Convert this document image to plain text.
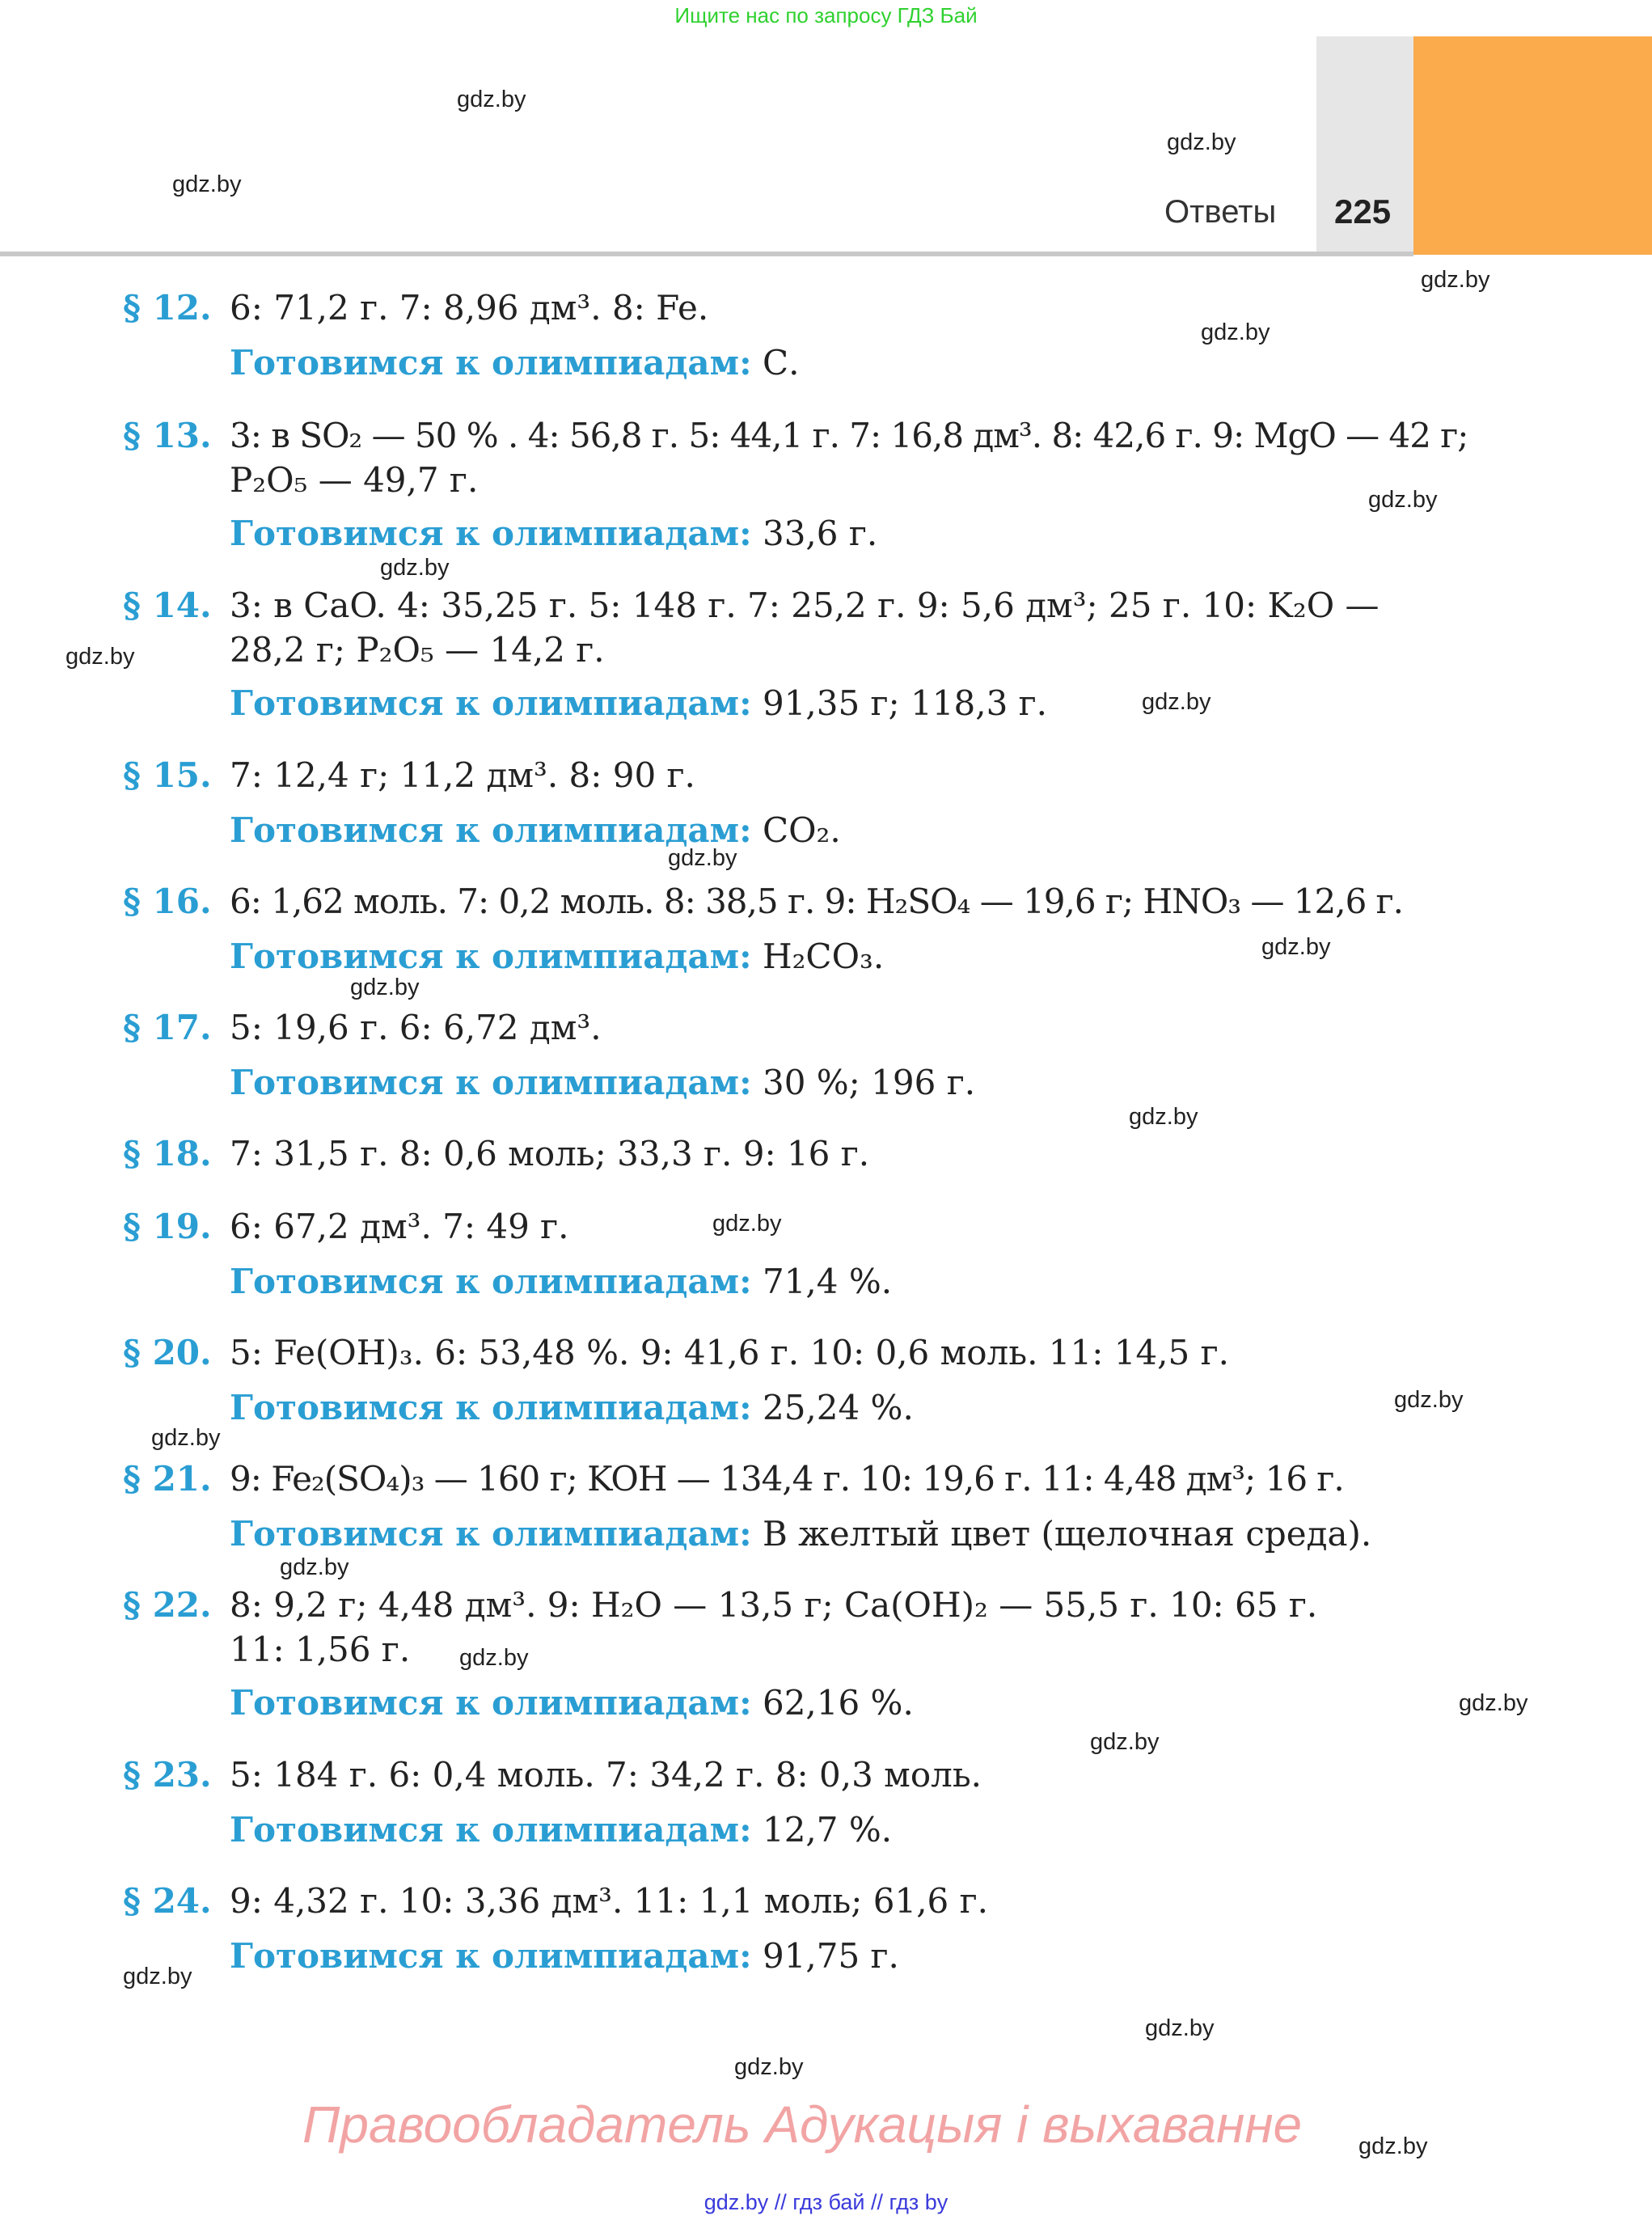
Ищите нас по запросу ГДЗ Бай
Ответы 225
gdz.by
gdz.by
gdz.by
gdz.by
gdz.by
gdz.by
gdz.by
gdz.by
gdz.by
gdz.by
gdz.by
gdz.by
gdz.by
gdz.by
gdz.by
gdz.by
gdz.by
gdz.by
gdz.by
gdz.by
gdz.by
gdz.by
gdz.by
gdz.by
§ 12. 6: 71,2 г. 7: 8,96 дм³. 8: Fe.
Готовимся к олимпиадам: С.
§ 13. 3: в SO₂ — 50 % . 4: 56,8 г. 5: 44,1 г. 7: 16,8 дм³. 8: 42,6 г. 9: MgO — 42 г;
P₂O₅ — 49,7 г.
Готовимся к олимпиадам: 33,6 г.
§ 14. 3: в CaO. 4: 35,25 г. 5: 148 г. 7: 25,2 г. 9: 5,6 дм³; 25 г. 10: K₂O —
28,2 г; P₂O₅ — 14,2 г.
Готовимся к олимпиадам: 91,35 г; 118,3 г.
§ 15. 7: 12,4 г; 11,2 дм³. 8: 90 г.
Готовимся к олимпиадам: CO₂.
§ 16. 6: 1,62 моль. 7: 0,2 моль. 8: 38,5 г. 9: H₂SO₄ — 19,6 г; HNO₃ — 12,6 г.
Готовимся к олимпиадам: H₂CO₃.
§ 17. 5: 19,6 г. 6: 6,72 дм³.
Готовимся к олимпиадам: 30 %; 196 г.
§ 18. 7: 31,5 г. 8: 0,6 моль; 33,3 г. 9: 16 г.
§ 19. 6: 67,2 дм³. 7: 49 г.
Готовимся к олимпиадам: 71,4 %.
§ 20. 5: Fe(OH)₃. 6: 53,48 %. 9: 41,6 г. 10: 0,6 моль. 11: 14,5 г.
Готовимся к олимпиадам: 25,24 %.
§ 21. 9: Fe₂(SO₄)₃ — 160 г; KOH — 134,4 г. 10: 19,6 г. 11: 4,48 дм³; 16 г.
Готовимся к олимпиадам: В желтый цвет (щелочная среда).
§ 22. 8: 9,2 г; 4,48 дм³. 9: H₂O — 13,5 г; Ca(OH)₂ — 55,5 г. 10: 65 г.
11: 1,56 г.
Готовимся к олимпиадам: 62,16 %.
§ 23. 5: 184 г. 6: 0,4 моль. 7: 34,2 г. 8: 0,3 моль.
Готовимся к олимпиадам: 12,7 %.
§ 24. 9: 4,32 г. 10: 3,36 дм³. 11: 1,1 моль; 61,6 г.
Готовимся к олимпиадам: 91,75 г.
Правообладатель Адукацыя і выхаванне
gdz.by // гдз бай // гдз by
